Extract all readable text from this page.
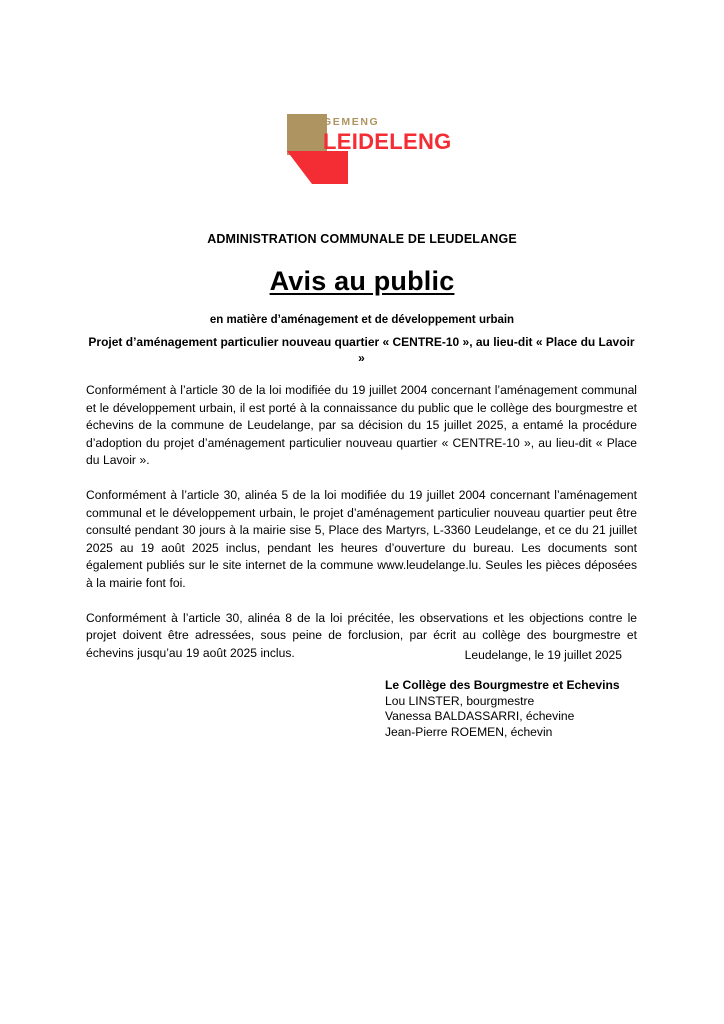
GEMENG
LEIDELENG
ADMINISTRATION COMMUNALE DE LEUDELANGE
Avis au public
en matière d’aménagement et de développement urbain
Projet d’aménagement particulier nouveau quartier « CENTRE-10 », au lieu-dit « Place du Lavoir »

Conformément à l’article 30 de la loi modifiée du 19 juillet 2004 concernant l’aménagement communal et le développement urbain, il est porté à la connaissance du public que le collège des bourgmestre et échevins de la commune de Leudelange, par sa décision du 15 juillet 2025, a entamé la procédure d’adoption du projet d’aménagement particulier nouveau quartier « CENTRE-10 », au lieu-dit « Place du Lavoir ».

Conformément à l’article 30, alinéa 5 de la loi modifiée du 19 juillet 2004 concernant l’aménagement communal et le développement urbain, le projet d’aménagement particulier nouveau quartier peut être consulté pendant 30 jours à la mairie sise 5, Place des Martyrs, L-3360 Leudelange, et ce du 21 juillet 2025 au 19 août 2025 inclus, pendant les heures d’ouverture du bureau. Les documents sont également publiés sur le site internet de la commune www.leudelange.lu. Seules les pièces déposées à la mairie font foi.

Conformément à l’article 30, alinéa 8 de la loi précitée, les observations et les objections contre le projet doivent être adressées, sous peine de forclusion, par écrit au collège des bourgmestre et échevins jusqu’au 19 août 2025 inclus.	Leudelange, le 19 juillet 2025
Le Collège des Bourgmestre et Echevins
Lou LINSTER, bourgmestre
Vanessa BALDASSARRI, échevine
Jean-Pierre ROEMEN, échevin
